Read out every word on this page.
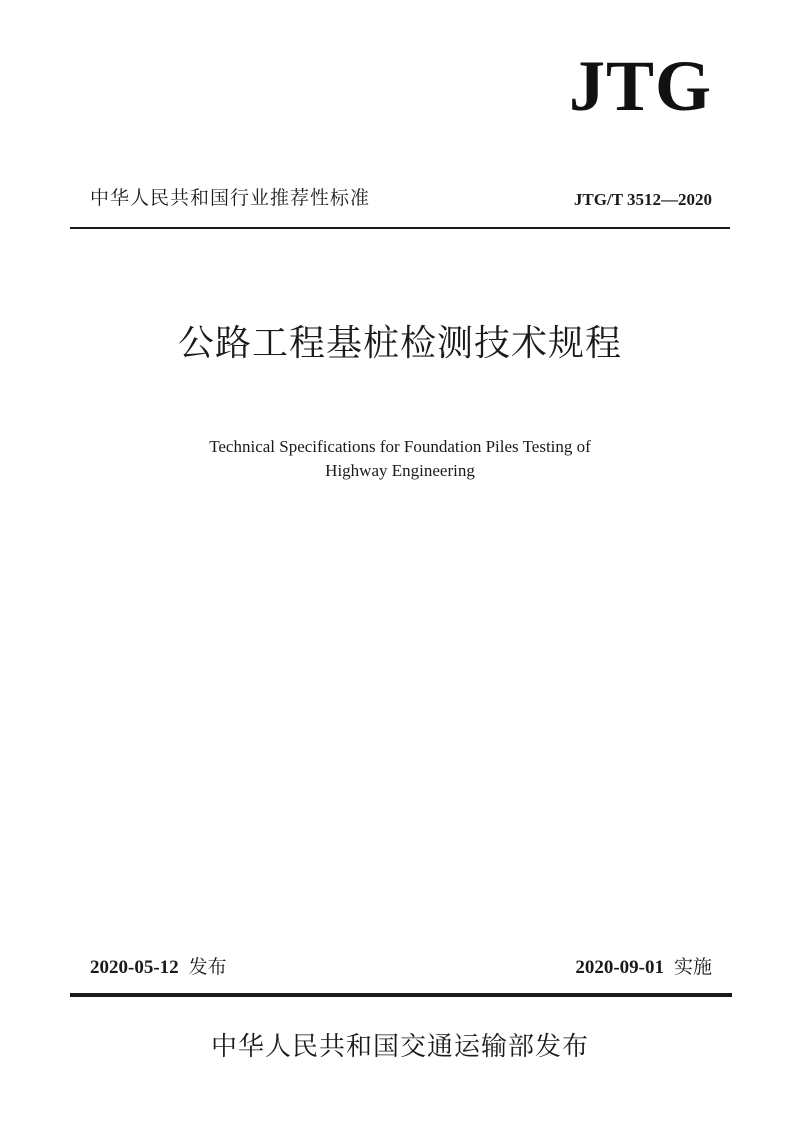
JTG
中华人民共和国行业推荐性标准	JTG/T 3512—2020
公路工程基桩检测技术规程
Technical Specifications for Foundation Piles Testing of
Highway Engineering
2020-05-12 发布	2020-09-01 实施
中华人民共和国交通运输部发布
